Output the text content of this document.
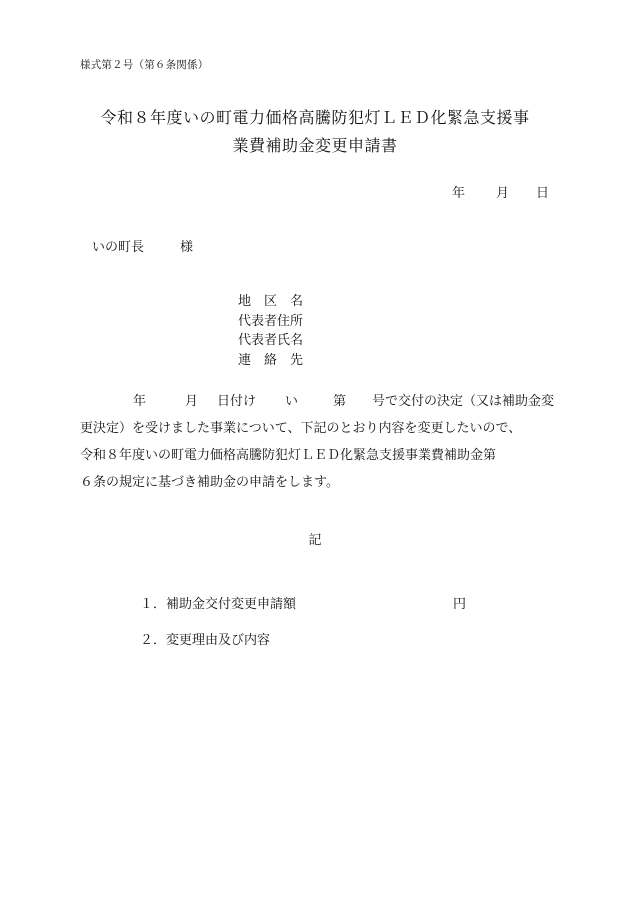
様式第２号（第６条関係）

令和８年度いの町電力価格高騰防犯灯ＬＥＤ化緊急支援事
業費補助金変更申請書
年 月 日
いの町長	様
地区名
代表者住所
代表者氏名
連絡先
年	月 日付け い	第 号で交付の決定（又は補助金変
更決定）を受けました事業について、下記のとおり内容を変更したいので、
令和８年度いの町電力価格高騰防犯灯ＬＥＤ化緊急支援事業費補助金第
６条の規定に基づき補助金の申請をします。
記
１．補助金交付変更申請額	円
２．変更理由及び内容
